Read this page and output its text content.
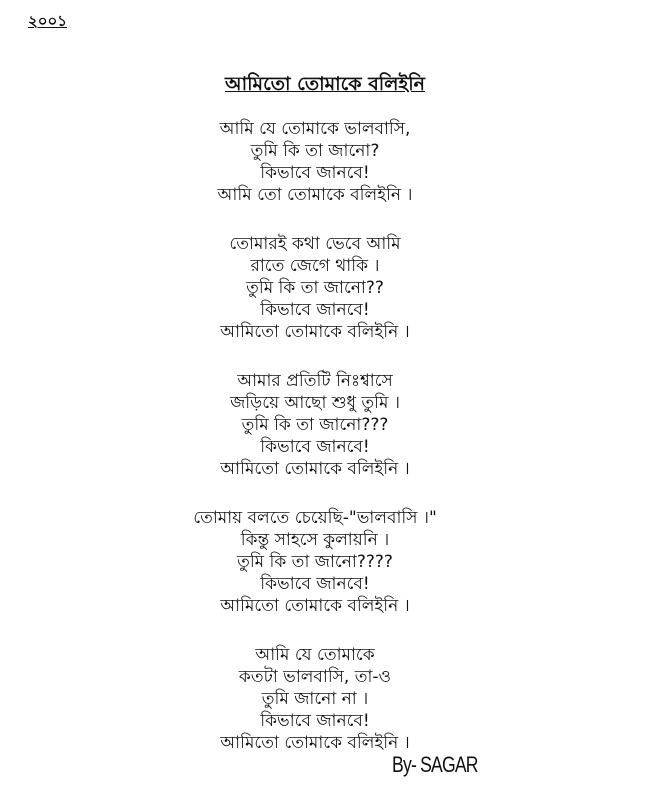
২০০১
আমিতো তোমাকে বলিইনি
আমি যে তোমাকে ভালবাসি,
তুমি কি তা জানো?
কিভাবে জানবে!
আমি তো তোমাকে বলিইনি ।
তোমারই কথা ভেবে আমি
রাতে জেগে থাকি ।
তুমি কি তা জানো??
কিভাবে জানবে!
আমিতো তোমাকে বলিইনি ।
আমার প্রতিটি নিঃশ্বাসে
জড়িয়ে আছো শুধু তুমি ।
তুমি কি তা জানো???
কিভাবে জানবে!
আমিতো তোমাকে বলিইনি ।
তোমায় বলতে চেয়েছি-"ভালবাসি ।"
কিন্তু সাহসে কুলায়নি ।
তুমি কি তা জানো????
কিভাবে জানবে!
আমিতো তোমাকে বলিইনি ।
আমি যে তোমাকে
কতটা ভালবাসি, তা-ও
তুমি জানো না ।
কিভাবে জানবে!
আমিতো তোমাকে বলিইনি ।
By- SAGAR
